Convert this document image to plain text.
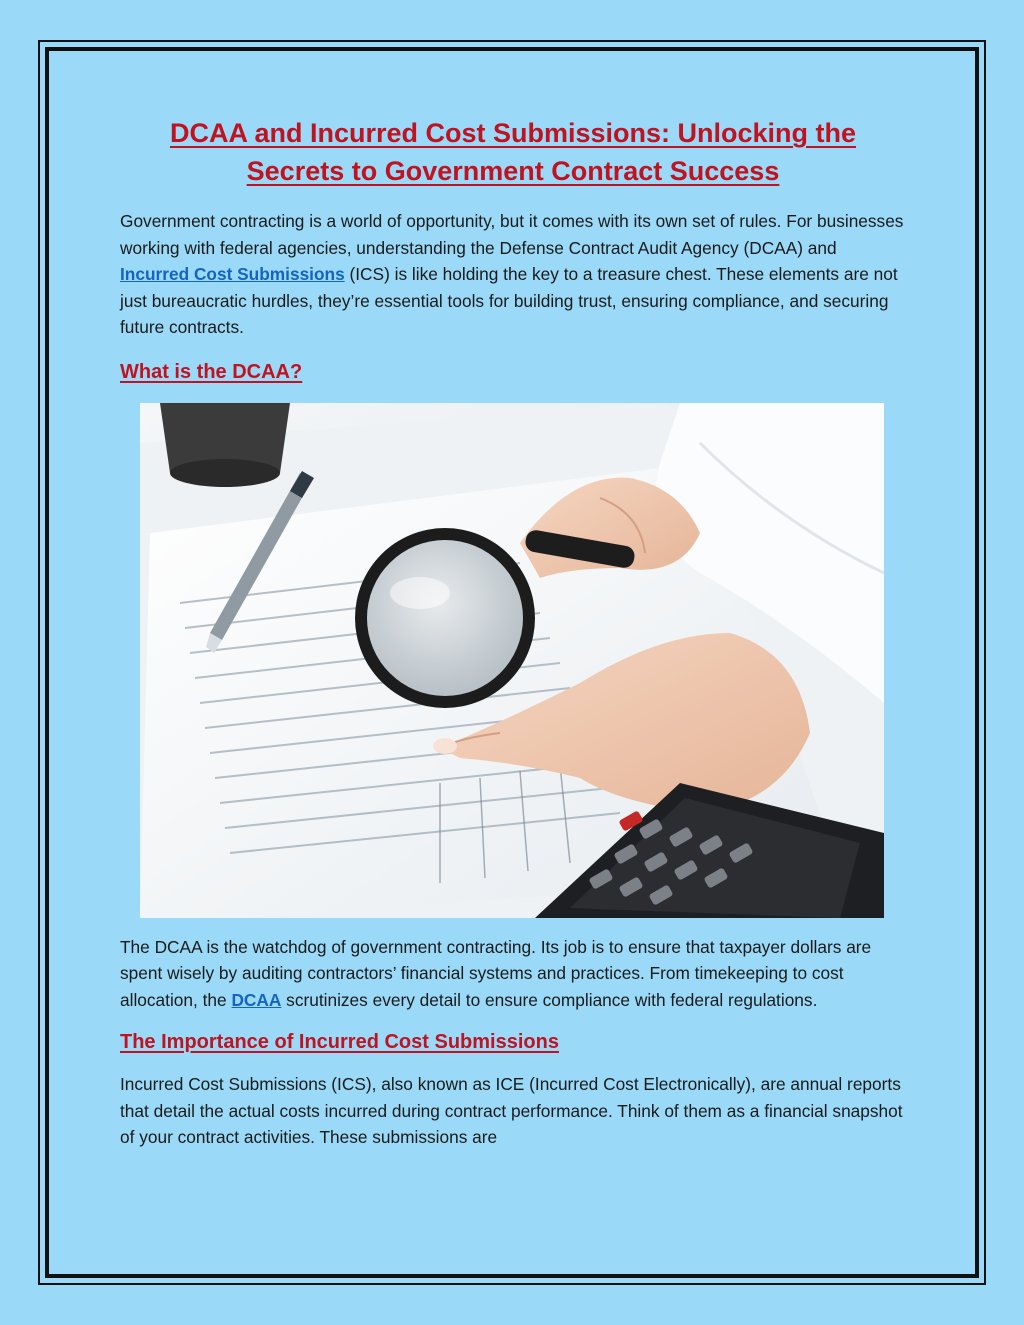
DCAA and Incurred Cost Submissions: Unlocking the Secrets to Government Contract Success

Government contracting is a world of opportunity, but it comes with its own set of rules. For businesses working with federal agencies, understanding the Defense Contract Audit Agency (DCAA) and Incurred Cost Submissions (ICS) is like holding the key to a treasure chest. These elements are not just bureaucratic hurdles, they’re essential tools for building trust, ensuring compliance, and securing future contracts.

What is the DCAA?

The DCAA is the watchdog of government contracting. Its job is to ensure that taxpayer dollars are spent wisely by auditing contractors’ financial systems and practices. From timekeeping to cost allocation, the DCAA scrutinizes every detail to ensure compliance with federal regulations.

The Importance of Incurred Cost Submissions

Incurred Cost Submissions (ICS), also known as ICE (Incurred Cost Electronically), are annual reports that detail the actual costs incurred during contract performance. Think of them as a financial snapshot of your contract activities. These submissions are
